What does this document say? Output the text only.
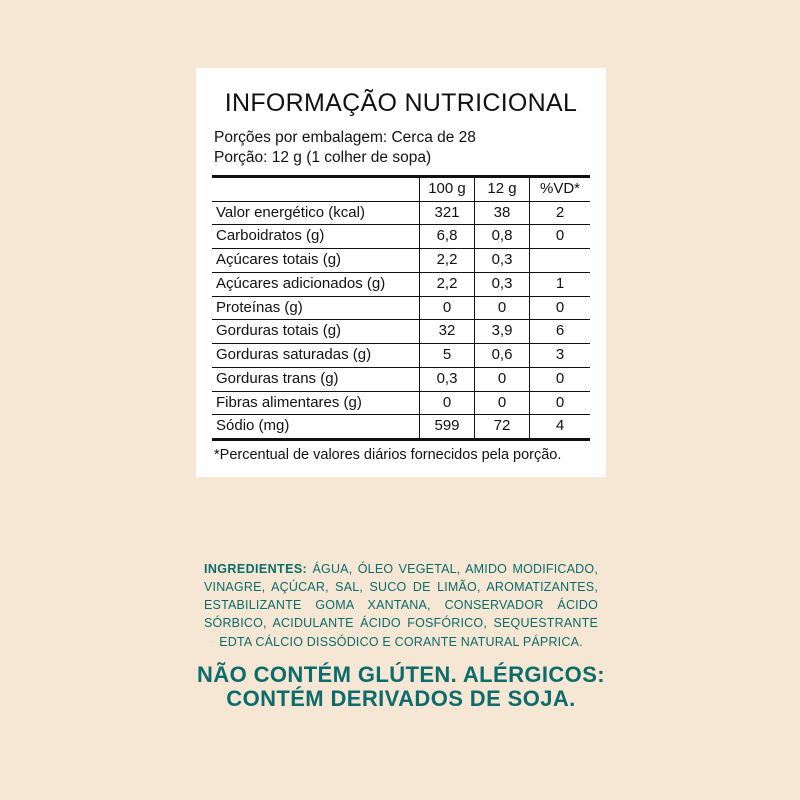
INFORMAÇÃO NUTRICIONAL
Porções por embalagem: Cerca de 28
Porção: 12 g (1 colher de sopa)
	100 g	12 g	%VD*
Valor energético (kcal)	321	38	2
Carboidratos (g)	6,8	0,8	0
Açúcares totais (g)	2,2	0,3	
Açúcares adicionados (g)	2,2	0,3	1
Proteínas (g)	0	0	0
Gorduras totais (g)	32	3,9	6
Gorduras saturadas (g)	5	0,6	3
Gorduras trans (g)	0,3	0	0
Fibras alimentares (g)	0	0	0
Sódio (mg)	599	72	4
*Percentual de valores diários fornecidos pela porção.

INGREDIENTES: ÁGUA, ÓLEO VEGETAL, AMIDO MODIFICADO, VINAGRE, AÇÚCAR, SAL, SUCO DE LIMÃO, AROMATIZANTES, ESTABILIZANTE GOMA XANTANA, CONSERVADOR ÁCIDO SÓRBICO, ACIDULANTE ÁCIDO FOSFÓRICO, SEQUESTRANTE EDTA CÁLCIO DISSÓDICO E CORANTE NATURAL PÁPRICA.

NÃO CONTÉM GLÚTEN. ALÉRGICOS:
CONTÉM DERIVADOS DE SOJA.
